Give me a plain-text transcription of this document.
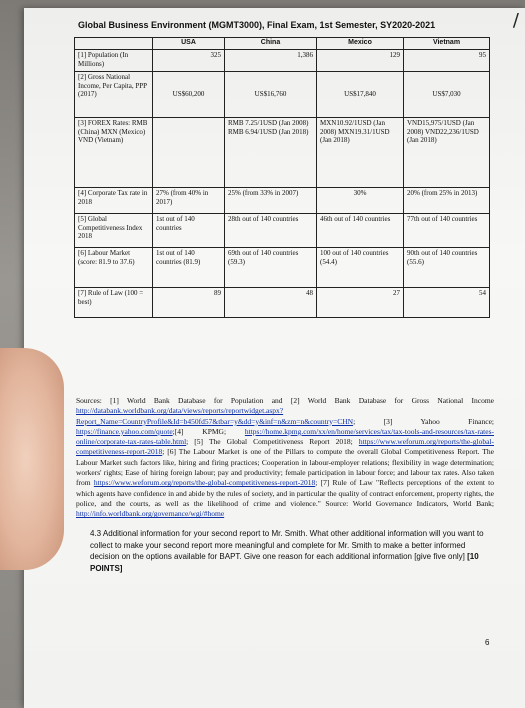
/
Global Business Environment (MGMT3000), Final Exam, 1st Semester, SY2020-2021
	USA	China	Mexico	Vietnam
[1] Population (In Millions)	325	1,386	129	95
[2] Gross National Income, Per Capita, PPP (2017)	US$60,200	US$16,760	US$17,840	US$7,030
[3] FOREX Rates: RMB (China) MXN (Mexico) VND (Vietnam)		RMB 7.25/1USD (Jan 2008) RMB 6.94/1USD (Jan 2018)	MXN10.92/1USD (Jan 2008) MXN19.31/1USD (Jan 2018)	VND15,975/1USD (Jan 2008) VND22,236/1USD (Jan 2018)
[4] Corporate Tax rate in 2018	27% (from 40% in 2017)	25% (from 33% in 2007)	30%	20% (from 25% in 2013)
[5] Global Competitiveness Index 2018	1st out of 140 countries	28th out of 140 countries	46th out of 140 countries	77th out of 140 countries
[6] Labour Market (score: 81.9 to 37.6)	1st out of 140 countries (81.9)	69th out of 140 countries (59.3)	100 out of 140 countries (54.4)	90th out of 140 countries (55.6)
[7] Rule of Law (100 = best)	89	48	27	54
Sources: [1] World Bank Database for Population and [2] World Bank Database for Gross National Income http://databank.worldbank.org/data/views/reports/reportwidget.aspx?Report_Name=CountryProfile&Id=b450fd57&tbar=y&dd=y&inf=n&zm=n&country=CHN; [3] Yahoo Finance; https://finance.yahoo.com/quote;[4] KPMG; https://home.kpmg.com/xx/en/home/services/tax/tax-tools-and-resources/tax-rates-online/corporate-tax-rates-table.html; [5] The Global Competitiveness Report 2018; https://www.weforum.org/reports/the-global-competitiveness-report-2018; [6] The Labour Market is one of the Pillars to compute the overall Global Competitiveness Report. The Labour Market such factors like, hiring and firing practices; Cooperation in labour-employer relations; flexibility in wage determination; workers' rights; Ease of hiring foreign labour; pay and productivity; female participation in labour force; and labour tax rates. Also taken from https://www.weforum.org/reports/the-global-competitiveness-report-2018; [7] Rule of Law "Reflects perceptions of the extent to which agents have confidence in and abide by the rules of society, and in particular the quality of contract enforcement, property rights, the police, and the courts, as well as the likelihood of crime and violence." Source: World Governance Indicators, World Bank; http://info.worldbank.org/governance/wgi/#home
4.3 Additional information for your second report to Mr. Smith. What other additional information will you want to collect to make your second report more meaningful and complete for Mr. Smith to make a better informed decision on the options available for BAPT. Give one reason for each additional information [give five only] [10 POINTS]
6
